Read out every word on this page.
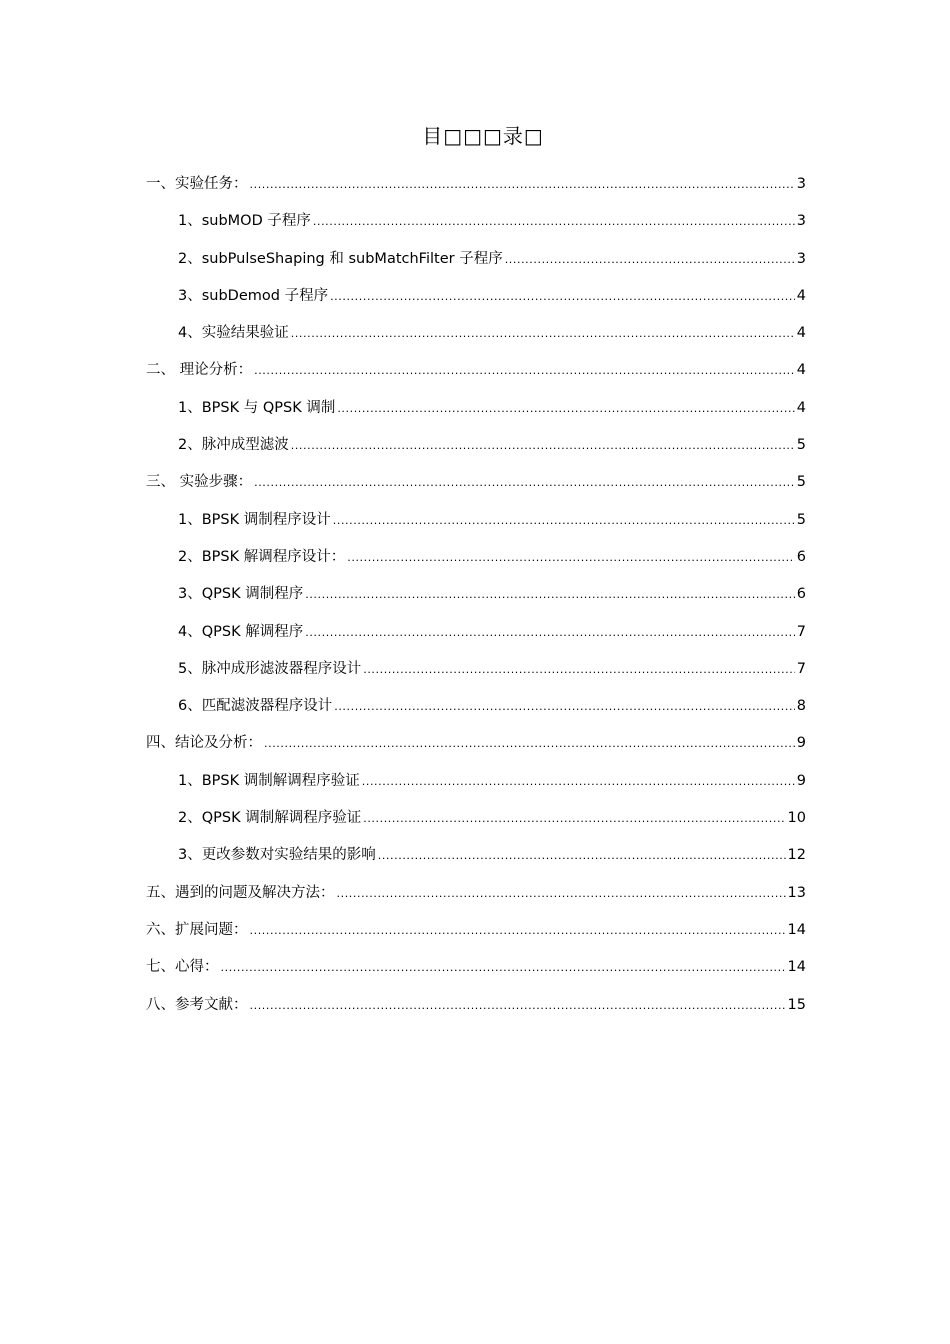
目□□□录□
一、实验任务： .....	3
1、subMOD 子程序 .....	3
2、subPulseShaping 和 subMatchFilter 子程序 .....	3
3、subDemod 子程序 .....	4
4、实验结果验证 .....	4
二、 理论分析： .....	4
1、BPSK 与 QPSK 调制 .....	4
2、脉冲成型滤波 .....	5
三、 实验步骤： .....	5
1、BPSK 调制程序设计 .....	5
2、BPSK 解调程序设计： .....	6
3、QPSK 调制程序 .....	6
4、QPSK 解调程序 .....	7
5、脉冲成形滤波器程序设计 .....	7
6、匹配滤波器程序设计 .....	8
四、结论及分析： .....	9
1、BPSK 调制解调程序验证 .....	9
2、QPSK 调制解调程序验证 .....	10
3、更改参数对实验结果的影响 .....	12
五、遇到的问题及解决方法： .....	13
六、扩展问题： .....	14
七、心得： .....	14
八、参考文献： .....	15
